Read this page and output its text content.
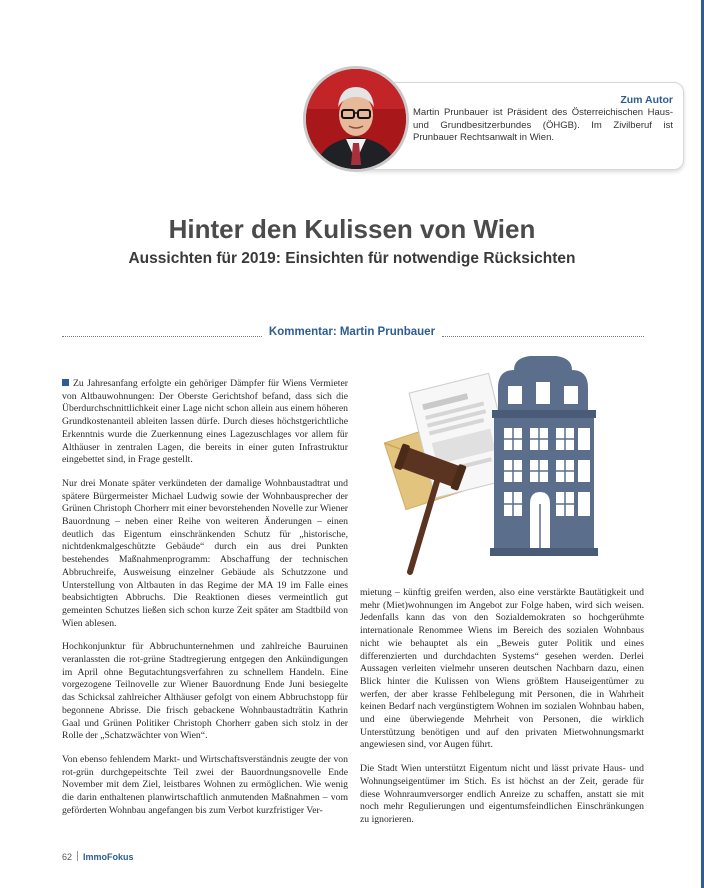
Zum Autor
Martin Prunbauer ist Präsident des Österreichischen Haus- und Grundbesitzerbundes (ÖHGB). Im Zivilberuf ist Prunbauer Rechtsanwalt in Wien.
Hinter den Kulissen von Wien
Aussichten für 2019: Einsichten für notwendige Rücksichten
Kommentar: Martin Prunbauer

Zu Jahresanfang erfolgte ein gehöriger Dämpfer für Wiens Vermieter von Altbauwohnungen: Der Oberste Gerichtshof befand, dass sich die Überdurchschnittlichkeit einer Lage nicht schon allein aus einem höheren Grundkostenanteil ableiten lassen dürfe. Durch dieses höchstgerichtliche Erkenntnis wurde die Zuerkennung eines Lagezuschlages vor allem für Althäuser in zentralen Lagen, die bereits in einer guten Infrastruktur eingebettet sind, in Frage gestellt.

Nur drei Monate später verkündeten der damalige Wohnbaustadtrat und spätere Bürgermeister Michael Ludwig sowie der Wohnbausprecher der Grünen Christoph Chorherr mit einer bevorstehenden Novelle zur Wiener Bauordnung – neben einer Reihe von weiteren Änderungen – einen deutlich das Eigentum einschränkenden Schutz für „historische, nichtdenkmalgeschützte Gebäude“ durch ein aus drei Punkten bestehendes Maßnahmenprogramm: Abschaffung der technischen Abbruchreife, Ausweisung einzelner Gebäude als Schutzzone und Unterstellung von Altbauten in das Regime der MA 19 im Falle eines beabsichtigten Abbruchs. Die Reaktionen dieses vermeintlich gut gemeinten Schutzes ließen sich schon kurze Zeit später am Stadtbild von Wien ablesen.

Hochkonjunktur für Abbruchunternehmen und zahlreiche Bauruinen veranlassten die rot-grüne Stadtregierung entgegen den Ankündigungen im April ohne Begutachtungsverfahren zu schnellem Handeln. Eine vorgezogene Teilnovelle zur Wiener Bauordnung Ende Juni besiegelte das Schicksal zahlreicher Althäuser gefolgt von einem Abbruchstopp für begonnene Abrisse. Die frisch gebackene Wohnbaustadträtin Kathrin Gaal und Grünen Politiker Christoph Chorherr gaben sich stolz in der Rolle der „Schatzwächter von Wien“.

Von ebenso fehlendem Markt- und Wirtschaftsverständnis zeugte der von rot-grün durchgepeitschte Teil zwei der Bauordnungsnovelle Ende November mit dem Ziel, leistbares Wohnen zu ermöglichen. Wie wenig die darin enthaltenen planwirtschaftlich anmutenden Maßnahmen – vom geförderten Wohnbau angefangen bis zum Verbot kurzfristiger Ver-

mietung – künftig greifen werden, also eine verstärkte Bautätigkeit und mehr (Miet)wohnungen im Angebot zur Folge haben, wird sich weisen. Jedenfalls kann das von den Sozialdemokraten so hochgerühmte internationale Renommee Wiens im Bereich des sozialen Wohnbaus nicht wie behauptet als ein „Beweis guter Politik und eines differenzierten und durchdachten Systems“ gesehen werden. Derlei Aussagen verleiten vielmehr unseren deutschen Nachbarn dazu, einen Blick hinter die Kulissen von Wiens größtem Hauseigentümer zu werfen, der aber krasse Fehlbelegung mit Personen, die in Wahrheit keinen Bedarf nach vergünstigtem Wohnen im sozialen Wohnbau haben, und eine überwiegende Mehrheit von Personen, die wirklich Unterstützung benötigen und auf den privaten Mietwohnungsmarkt angewiesen sind, vor Augen führt.

Die Stadt Wien unterstützt Eigentum nicht und lässt private Haus- und Wohnungseigentümer im Stich. Es ist höchst an der Zeit, gerade für diese Wohnraumversorger endlich Anreize zu schaffen, anstatt sie mit noch mehr Regulierungen und eigentumsfeindlichen Einschränkungen zu ignorieren.

62 ImmoFokus
